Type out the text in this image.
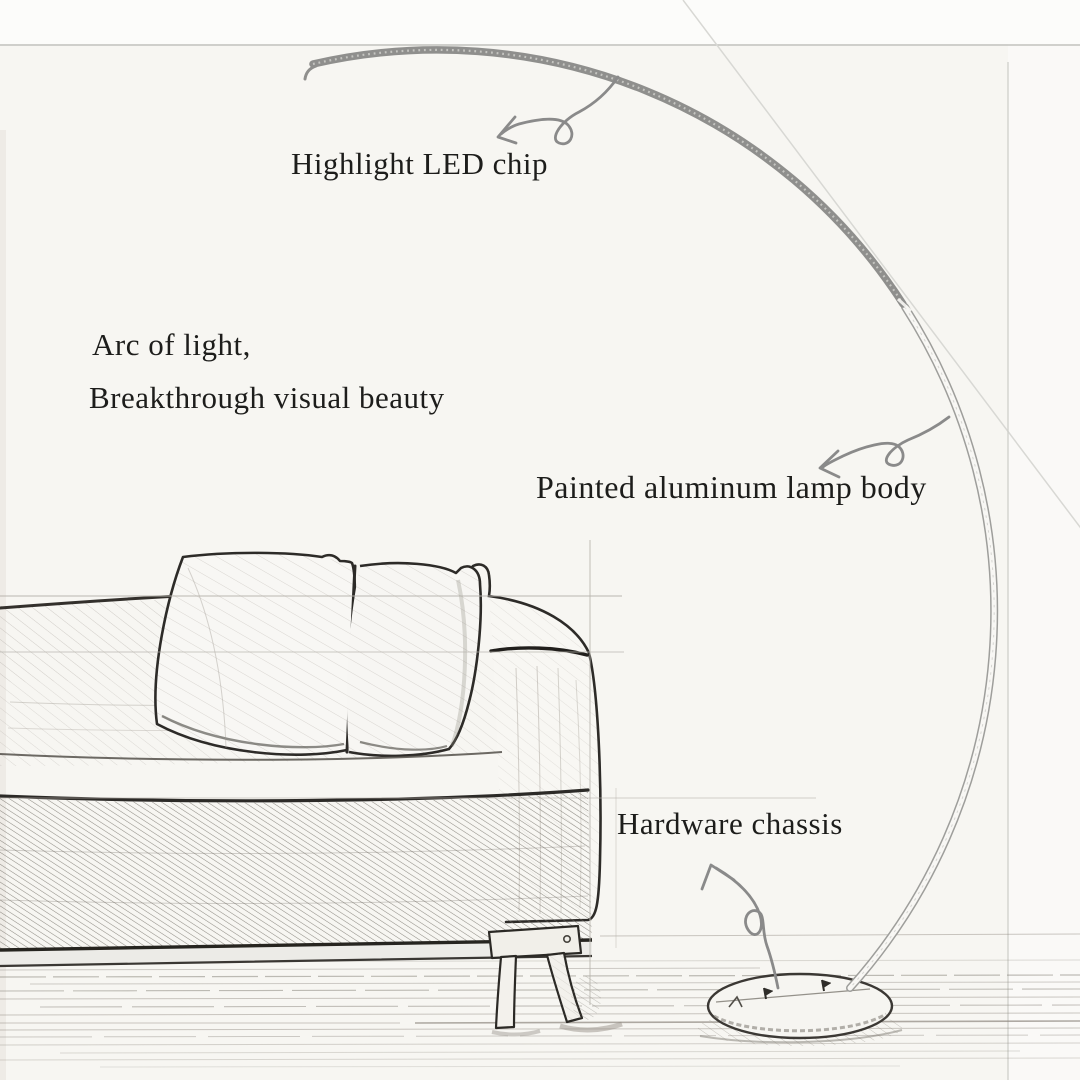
Highlight LED chip
Arc of light,
Breakthrough visual beauty
Painted aluminum lamp body
Hardware chassis
